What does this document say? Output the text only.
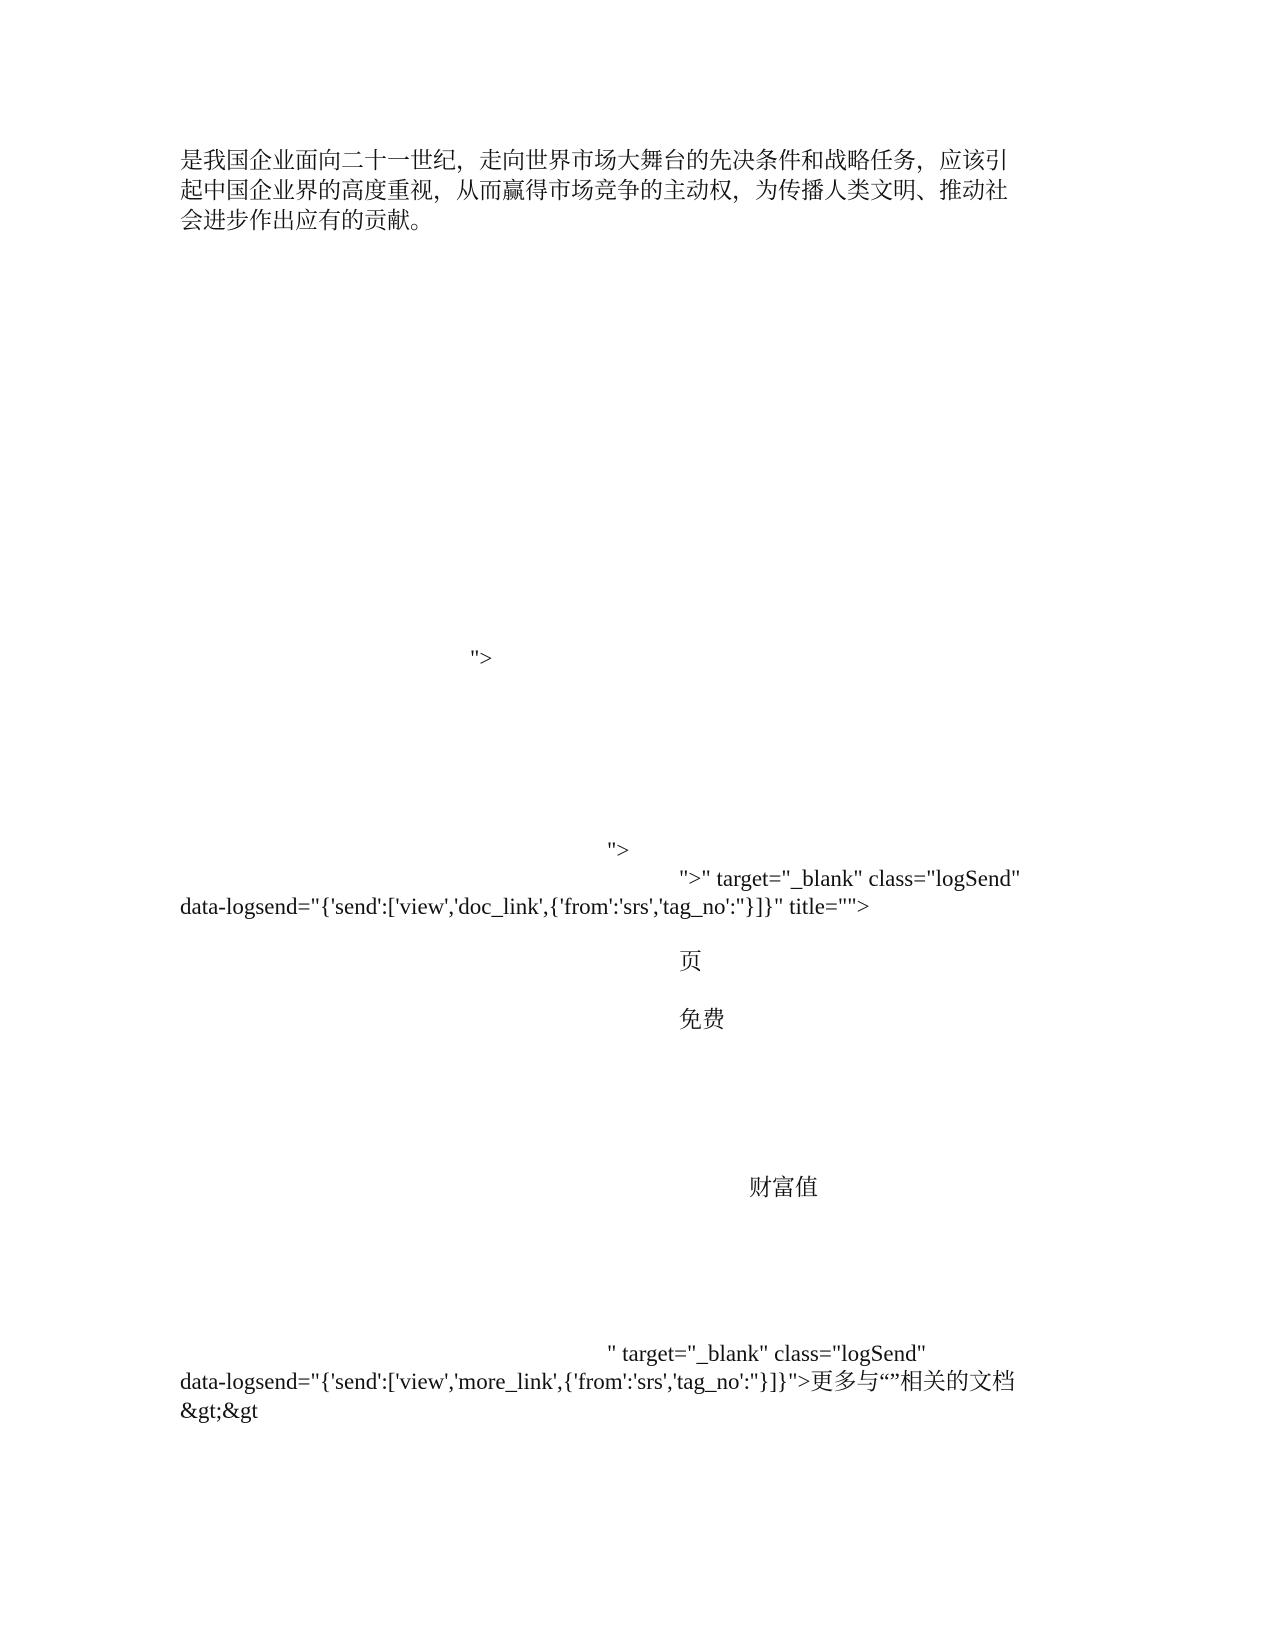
是我国企业面向二十一世纪，走向世界市场大舞台的先决条件和战略任务，应该引
起中国企业界的高度重视，从而赢得市场竞争的主动权，为传播人类文明、推动社
会进步作出应有的贡献。
">
">
">" target="_blank" class="logSend"
data-logsend="{'send':['view','doc_link',{'from':'srs','tag_no':''}]}" title="">
页
免费
财富值
" target="_blank" class="logSend"
data-logsend="{'send':['view','more_link',{'from':'srs','tag_no':''}]}">更多与“”相关的文档
&gt;&gt
